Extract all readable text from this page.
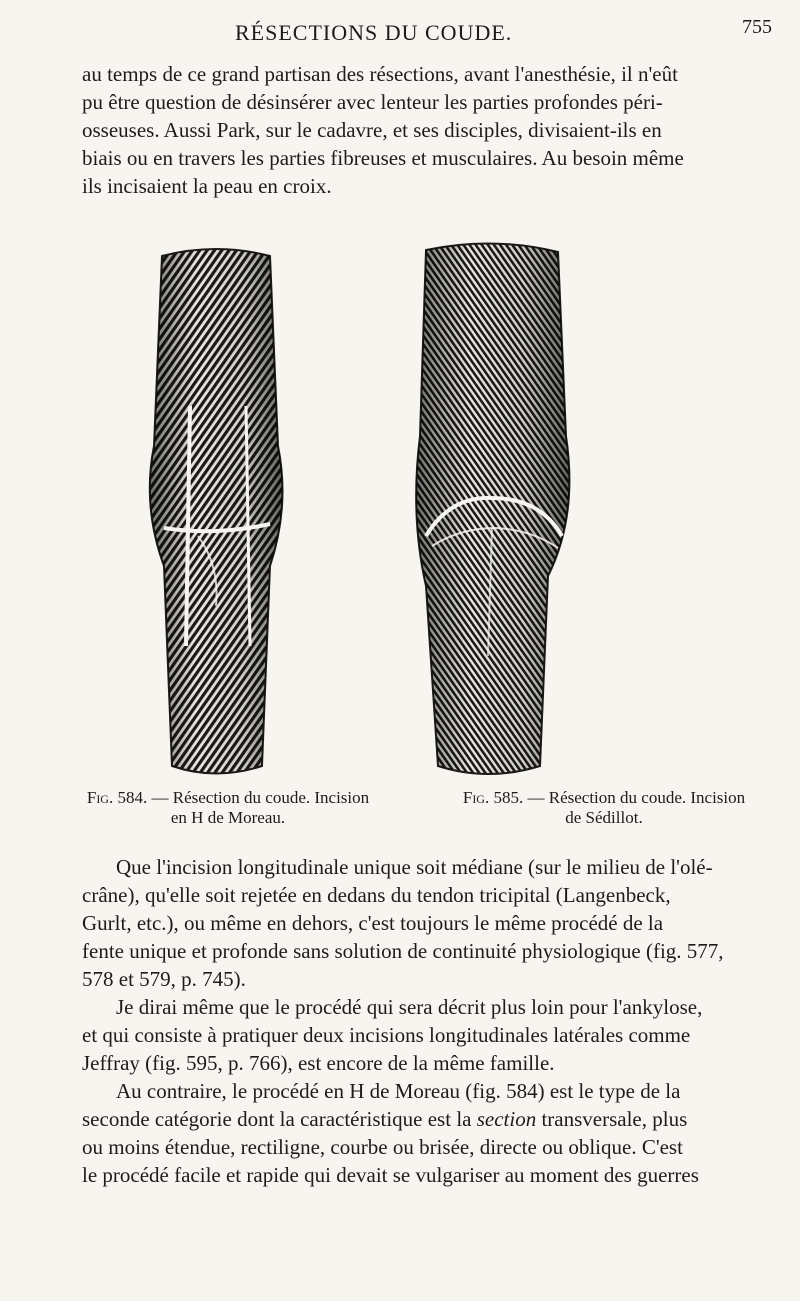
RÉSECTIONS DU COUDE.	755

au temps de ce grand partisan des résections, avant l'anesthésie, il n'eût
pu être question de désinsérer avec lenteur les parties profondes péri-
osseuses. Aussi Park, sur le cadavre, et ses disciples, divisaient-ils en
biais ou en travers les parties fibreuses et musculaires. Au besoin même
ils incisaient la peau en croix.

Fig. 584. — Résection du coude. Incision
en H de Moreau.
Fig. 585. — Résection du coude. Incision
de Sédillot.

Que l'incision longitudinale unique soit médiane (sur le milieu de l'olé-
crâne), qu'elle soit rejetée en dedans du tendon tricipital (Langenbeck,
Gurlt, etc.), ou même en dehors, c'est toujours le même procédé de la
fente unique et profonde sans solution de continuité physiologique (fig. 577,
578 et 579, p. 745).

Je dirai même que le procédé qui sera décrit plus loin pour l'ankylose,
et qui consiste à pratiquer deux incisions longitudinales latérales comme
Jeffray (fig. 595, p. 766), est encore de la même famille.

Au contraire, le procédé en H de Moreau (fig. 584) est le type de la
seconde catégorie dont la caractéristique est la section transversale, plus
ou moins étendue, rectiligne, courbe ou brisée, directe ou oblique. C'est
le procédé facile et rapide qui devait se vulgariser au moment des guerres
